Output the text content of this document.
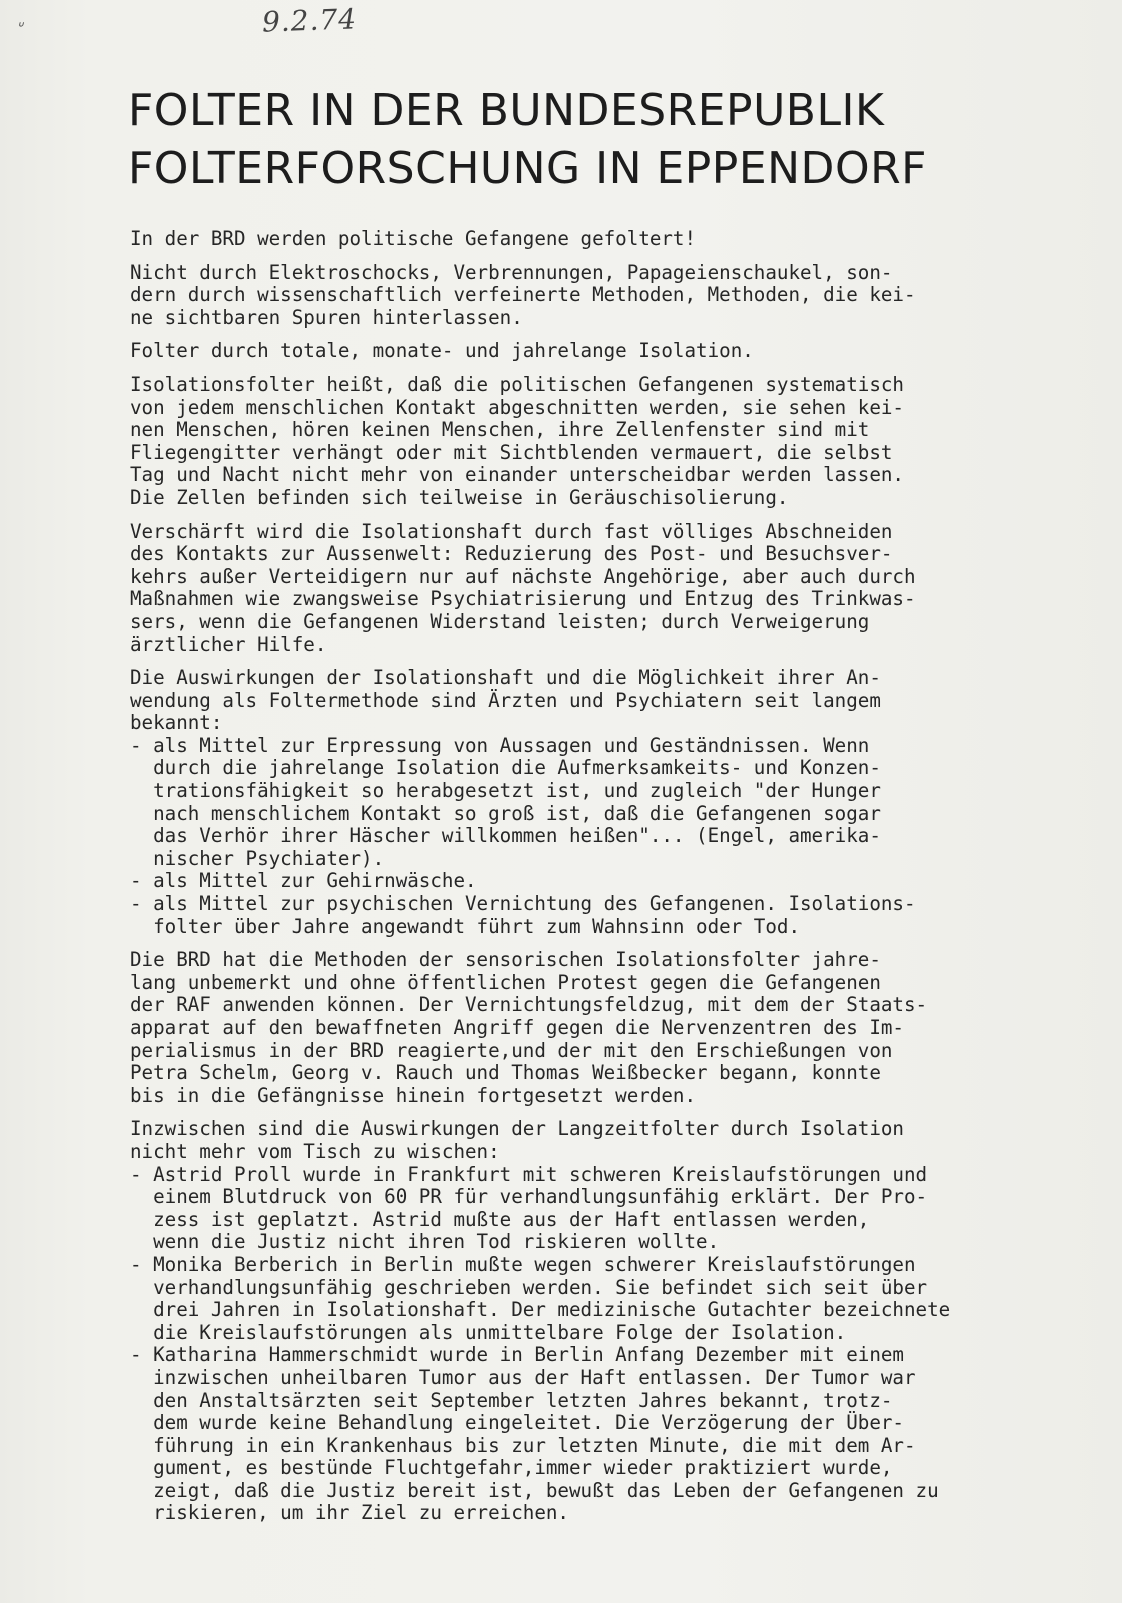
ᐡ	9.2.74
FOLTER IN DER BUNDESREPUBLIK
FOLTERFORSCHUNG IN EPPENDORF

In der BRD werden politische Gefangene gefoltert!

Nicht durch Elektroschocks, Verbrennungen, Papageienschaukel, son-
dern durch wissenschaftlich verfeinerte Methoden, Methoden, die kei-
ne sichtbaren Spuren hinterlassen.

Folter durch totale, monate- und jahrelange Isolation.

Isolationsfolter heißt, daß die politischen Gefangenen systematisch
von jedem menschlichen Kontakt abgeschnitten werden, sie sehen kei-
nen Menschen, hören keinen Menschen, ihre Zellenfenster sind mit
Fliegengitter verhängt oder mit Sichtblenden vermauert, die selbst
Tag und Nacht nicht mehr von einander unterscheidbar werden lassen.
Die Zellen befinden sich teilweise in Geräuschisolierung.

Verschärft wird die Isolationshaft durch fast völliges Abschneiden
des Kontakts zur Aussenwelt: Reduzierung des Post- und Besuchsver-
kehrs außer Verteidigern nur auf nächste Angehörige, aber auch durch
Maßnahmen wie zwangsweise Psychiatrisierung und Entzug des Trinkwas-
sers, wenn die Gefangenen Widerstand leisten; durch Verweigerung
ärztlicher Hilfe.

Die Auswirkungen der Isolationshaft und die Möglichkeit ihrer An-
wendung als Foltermethode sind Ärzten und Psychiatern seit langem
bekannt:

- als Mittel zur Erpressung von Aussagen und Geständnissen. Wenn
durch die jahrelange Isolation die Aufmerksamkeits- und Konzen-
trationsfähigkeit so herabgesetzt ist, und zugleich "der Hunger
nach menschlichem Kontakt so groß ist, daß die Gefangenen sogar
das Verhör ihrer Häscher willkommen heißen"... (Engel, amerika-
nischer Psychiater).
- als Mittel zur Gehirnwäsche.
- als Mittel zur psychischen Vernichtung des Gefangenen. Isolations-
folter über Jahre angewandt führt zum Wahnsinn oder Tod.

Die BRD hat die Methoden der sensorischen Isolationsfolter jahre-
lang unbemerkt und ohne öffentlichen Protest gegen die Gefangenen
der RAF anwenden können. Der Vernichtungsfeldzug, mit dem der Staats-
apparat auf den bewaffneten Angriff gegen die Nervenzentren des Im-
perialismus in der BRD reagierte,und der mit den Erschießungen von
Petra Schelm, Georg v. Rauch und Thomas Weißbecker begann, konnte
bis in die Gefängnisse hinein fortgesetzt werden.

Inzwischen sind die Auswirkungen der Langzeitfolter durch Isolation
nicht mehr vom Tisch zu wischen:

- Astrid Proll wurde in Frankfurt mit schweren Kreislaufstörungen und
einem Blutdruck von 60 PR für verhandlungsunfähig erklärt. Der Pro-
zess ist geplatzt. Astrid mußte aus der Haft entlassen werden,
wenn die Justiz nicht ihren Tod riskieren wollte.
- Monika Berberich in Berlin mußte wegen schwerer Kreislaufstörungen
verhandlungsunfähig geschrieben werden. Sie befindet sich seit über
drei Jahren in Isolationshaft. Der medizinische Gutachter bezeichnete
die Kreislaufstörungen als unmittelbare Folge der Isolation.
- Katharina Hammerschmidt wurde in Berlin Anfang Dezember mit einem
inzwischen unheilbaren Tumor aus der Haft entlassen. Der Tumor war
den Anstaltsärzten seit September letzten Jahres bekannt, trotz-
dem wurde keine Behandlung eingeleitet. Die Verzögerung der Über-
führung in ein Krankenhaus bis zur letzten Minute, die mit dem Ar-
gument, es bestünde Fluchtgefahr,immer wieder praktiziert wurde,
zeigt, daß die Justiz bereit ist, bewußt das Leben der Gefangenen zu
riskieren, um ihr Ziel zu erreichen.
